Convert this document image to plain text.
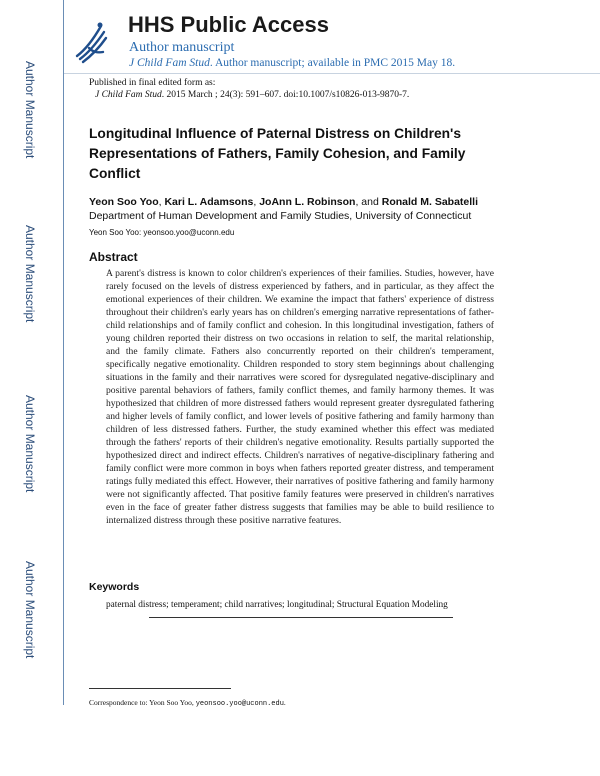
Author Manuscript
Author Manuscript
Author Manuscript
Author Manuscript
HHS Public Access
Author manuscript
J Child Fam Stud. Author manuscript; available in PMC 2015 May 18.
Published in final edited form as:
J Child Fam Stud. 2015 March ; 24(3): 591–607. doi:10.1007/s10826-013-9870-7.
Longitudinal Influence of Paternal Distress on Children's Representations of Fathers, Family Cohesion, and Family Conflict
Yeon Soo Yoo, Kari L. Adamsons, JoAnn L. Robinson, and Ronald M. Sabatelli
Department of Human Development and Family Studies, University of Connecticut
Yeon Soo Yoo: yeonsoo.yoo@uconn.edu
Abstract
A parent's distress is known to color children's experiences of their families. Studies, however, have rarely focused on the levels of distress experienced by fathers, and in particular, as they affect the emotional experiences of their children. We examine the impact that fathers' experience of distress throughout their children's early years has on children's emerging narrative representations of father-child relationships and of family conflict and cohesion. In this longitudinal investigation, fathers of young children reported their distress on two occasions in relation to self, the marital relationship, and the family climate. Fathers also concurrently reported on their children's temperament, specifically negative emotionality. Children responded to story stem beginnings about challenging situations in the family and their narratives were scored for dysregulated negative-disciplinary and positive parental behaviors of fathers, family conflict themes, and family harmony themes. It was hypothesized that children of more distressed fathers would represent greater dysregulated fathering and higher levels of family conflict, and lower levels of positive fathering and family harmony than children of less distressed fathers. Further, the study examined whether this effect was mediated through the fathers' reports of their children's negative emotionality. Results partially supported the hypothesized direct and indirect effects. Children's narratives of negative-disciplinary fathering and family conflict were more common in boys when fathers reported greater distress, and temperament ratings fully mediated this effect. However, their narratives of positive fathering and family harmony were not significantly affected. That positive family features were preserved in children's narratives even in the face of greater father distress suggests that families may be able to build resilience to internalized distress through these positive narrative features.
Keywords
paternal distress; temperament; child narratives; longitudinal; Structural Equation Modeling
Correspondence to: Yeon Soo Yoo, yeonsoo.yoo@uconn.edu.
